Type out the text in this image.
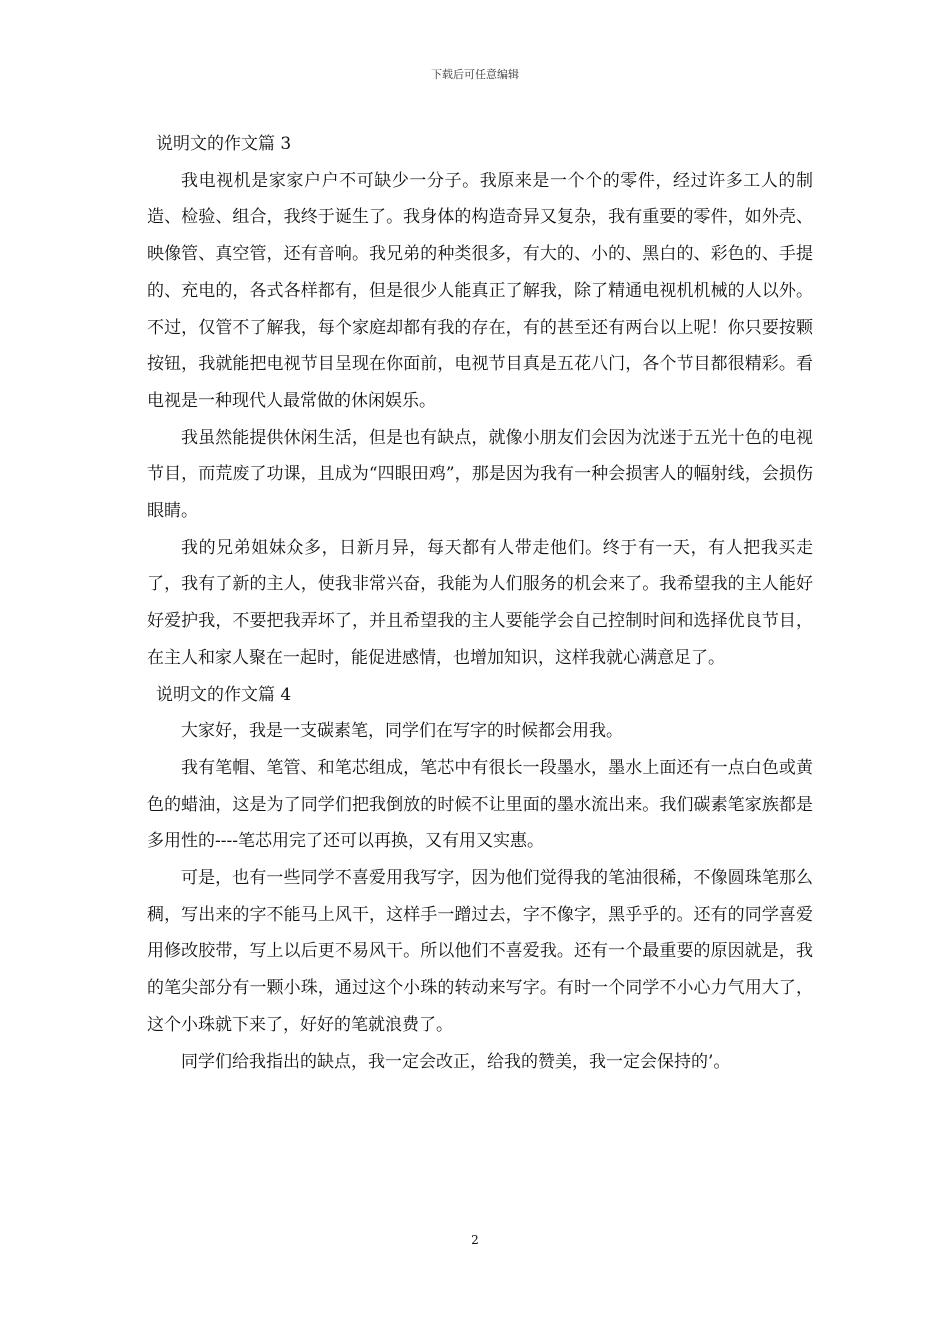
下载后可任意编辑

说明文的作文篇 3

我电视机是家家户户不可缺少一分子。我原来是一个个的零件，经过许多工人的制造、检验、组合，我终于诞生了。我身体的构造奇异又复杂，我有重要的零件，如外壳、映像管、真空管，还有音响。我兄弟的种类很多，有大的、小的、黑白的、彩色的、手提的、充电的，各式各样都有，但是很少人能真正了解我，除了精通电视机机械的人以外。不过，仅管不了解我，每个家庭却都有我的存在，有的甚至还有两台以上呢！你只要按颗按钮，我就能把电视节目呈现在你面前，电视节目真是五花八门，各个节目都很精彩。看电视是一种现代人最常做的休闲娱乐。

我虽然能提供休闲生活，但是也有缺点，就像小朋友们会因为沈迷于五光十色的电视节目，而荒废了功课，且成为“四眼田鸡”，那是因为我有一种会损害人的幅射线，会损伤眼睛。

我的兄弟姐妹众多，日新月异，每天都有人带走他们。终于有一天，有人把我买走了，我有了新的主人，使我非常兴奋，我能为人们服务的机会来了。我希望我的主人能好好爱护我，不要把我弄坏了，并且希望我的主人要能学会自己控制时间和选择优良节目，在主人和家人聚在一起时，能促进感情，也增加知识，这样我就心满意足了。

说明文的作文篇 4

大家好，我是一支碳素笔，同学们在写字的时候都会用我。

我有笔帽、笔管、和笔芯组成，笔芯中有很长一段墨水，墨水上面还有一点白色或黄色的蜡油，这是为了同学们把我倒放的时候不让里面的墨水流出来。我们碳素笔家族都是多用性的----笔芯用完了还可以再换，又有用又实惠。

可是，也有一些同学不喜爱用我写字，因为他们觉得我的笔油很稀，不像圆珠笔那么稠，写出来的字不能马上风干，这样手一蹭过去，字不像字，黑乎乎的。还有的同学喜爱用修改胶带，写上以后更不易风干。所以他们不喜爱我。还有一个最重要的原因就是，我的笔尖部分有一颗小珠，通过这个小珠的转动来写字。有时一个同学不小心力气用大了，这个小珠就下来了，好好的笔就浪费了。

同学们给我指出的缺点，我一定会改正，给我的赞美，我一定会保持的’。

2
